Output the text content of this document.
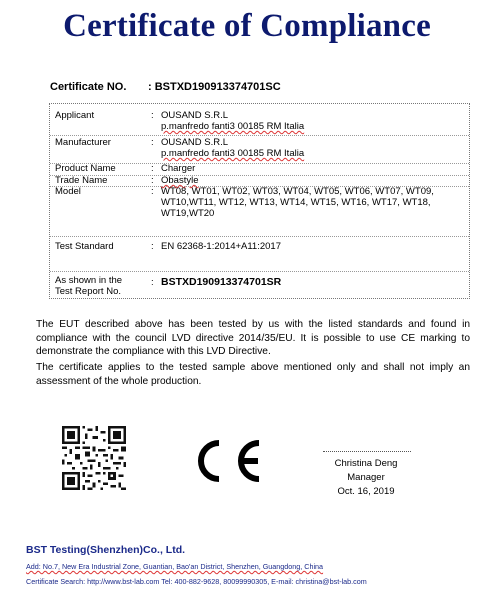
Certificate of Compliance
Certificate NO. : BSTXD190913374701SC
Applicant	: OUSAND S.R.L
p.manfredo fanti3 00185 RM Italia
Manufacturer	: OUSAND S.R.L
p.manfredo fanti3 00185 RM Italia
Product Name	: Charger
Trade Name	: Obastyle
Model	: WT08, WT01, WT02, WT03, WT04, WT05, WT06, WT07, WT09,
WT10,WT11, WT12, WT13, WT14, WT15, WT16, WT17, WT18,
WT19,WT20
Test Standard	: EN 62368-1:2014+A11:2017
As shown in the
Test Report No.
: BSTXD190913374701SR
The EUT described above has been tested by us with the listed standards and found in compliance with the council LVD directive 2014/35/EU. It is possible to use CE marking to demonstrate the compliance with this LVD Directive.
The certificate applies to the tested sample above mentioned only and shall not imply an assessment of the whole production.
Christina Deng
Manager
Oct. 16, 2019
BST Testing(Shenzhen)Co., Ltd.
Add: No.7, New Era Industrial Zone, Guantian, Bao'an District, Shenzhen, Guangdong, China
Certificate Search: http://www.bst-lab.com Tel: 400-882-9628, 80099990305, E-mail: christina@bst-lab.com
